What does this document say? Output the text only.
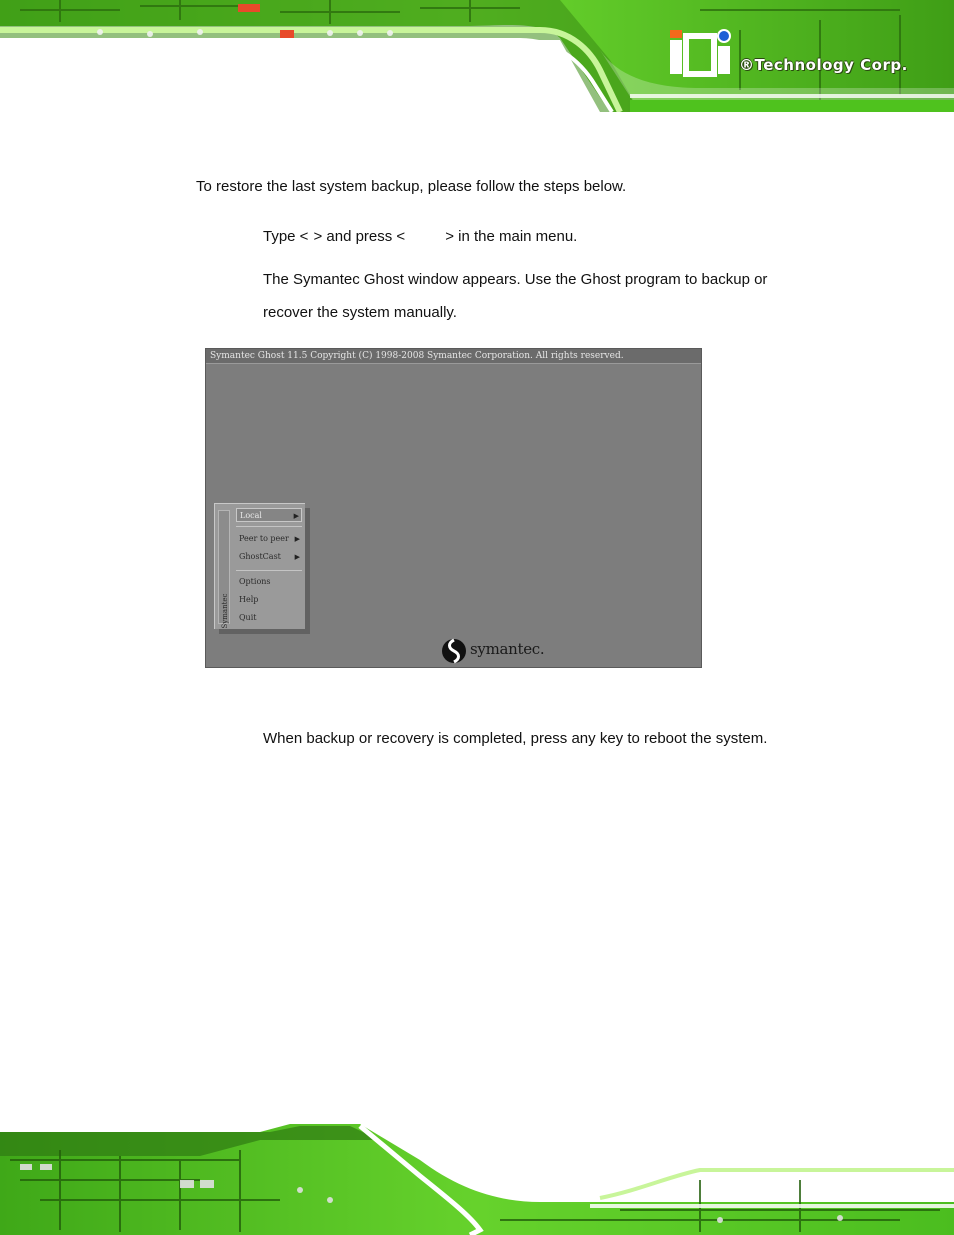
®Technology Corp.

To restore the last system backup, please follow the steps below.

Type < > and press <	> in the main menu.

The Symantec Ghost window appears. Use the Ghost program to backup or

recover the system manually.

Symantec Ghost 11.5 Copyright (C) 1998-2008 Symantec Corporation. All rights reserved.
Symantec
Local	▶
Peer to peer ▶
GhostCast ▶
Options
Help
Quit
symantec.

When backup or recovery is completed, press any key to reboot the system.
